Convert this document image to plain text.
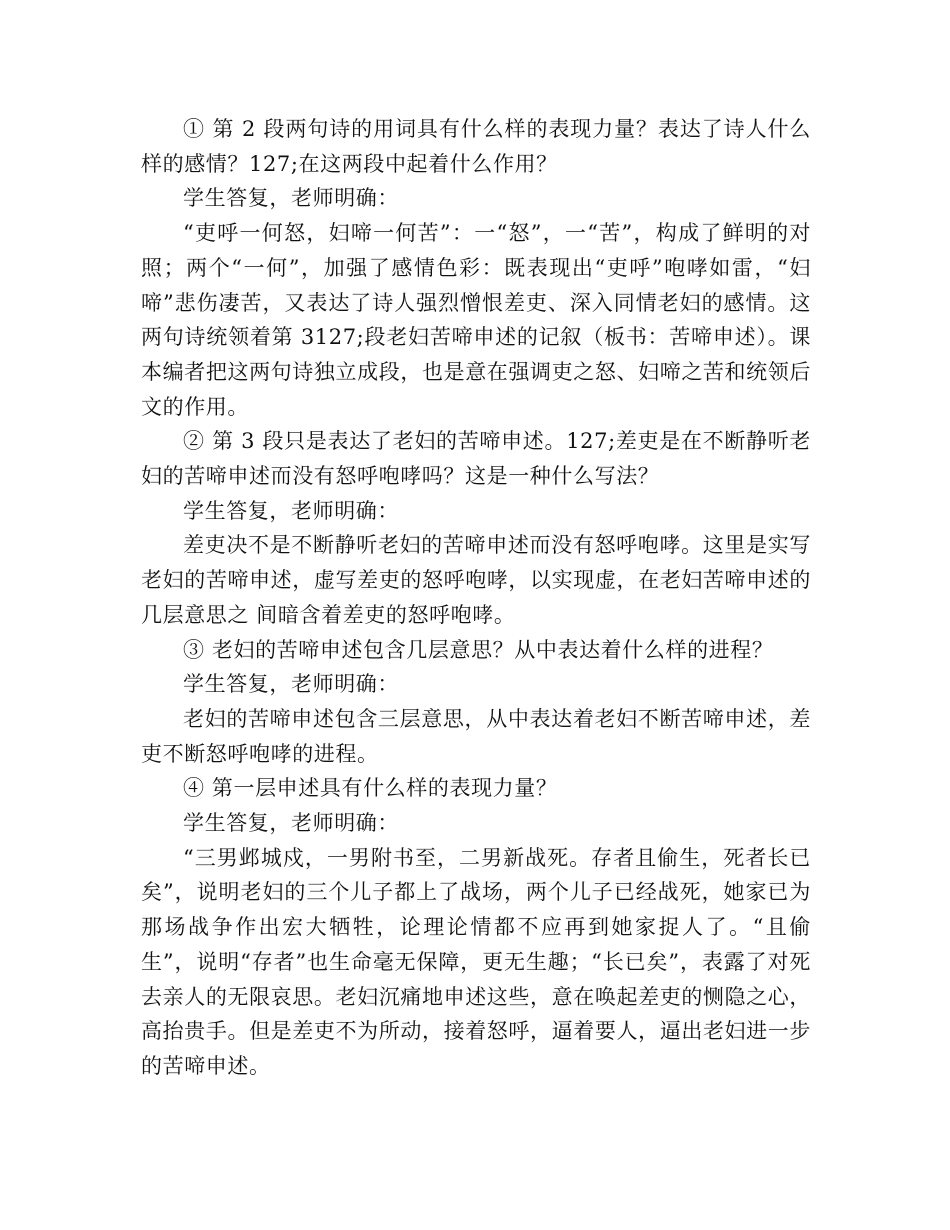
① 第 2 段两句诗的用词具有什么样的表现力量？表达了诗人什么样的感情？127;在这两段中起着什么作用？

学生答复，老师明确：

“吏呼一何怒，妇啼一何苦”：一“怒”，一“苦”，构成了鲜明的对照；两个“一何”，加强了感情色彩：既表现出“吏呼”咆哮如雷，“妇啼”悲伤凄苦，又表达了诗人强烈憎恨差吏、深入同情老妇的感情。这两句诗统领着第 3127;段老妇苦啼申述的记叙（板书：苦啼申述）。课本编者把这两句诗独立成段，也是意在强调吏之怒、妇啼之苦和统领后文的作用。

② 第 3 段只是表达了老妇的苦啼申述。127;差吏是在不断静听老妇的苦啼申述而没有怒呼咆哮吗？这是一种什么写法？

学生答复，老师明确：

差吏决不是不断静听老妇的苦啼申述而没有怒呼咆哮。这里是实写老妇的苦啼申述，虚写差吏的怒呼咆哮，以实现虚，在老妇苦啼申述的几层意思之 间暗含着差吏的怒呼咆哮。

③ 老妇的苦啼申述包含几层意思？从中表达着什么样的进程？

学生答复，老师明确：

老妇的苦啼申述包含三层意思，从中表达着老妇不断苦啼申述，差吏不断怒呼咆哮的进程。

④ 第一层申述具有什么样的表现力量？

学生答复，老师明确：

“三男邺城戍，一男附书至，二男新战死。存者且偷生，死者长已矣”，说明老妇的三个儿子都上了战场，两个儿子已经战死，她家已为那场战争作出宏大牺牲，论理论情都不应再到她家捉人了。“且偷生”，说明“存者”也生命毫无保障，更无生趣；“长已矣”，表露了对死去亲人的无限哀思。老妇沉痛地申述这些，意在唤起差吏的恻隐之心，高抬贵手。但是差吏不为所动，接着怒呼，逼着要人，逼出老妇进一步的苦啼申述。
